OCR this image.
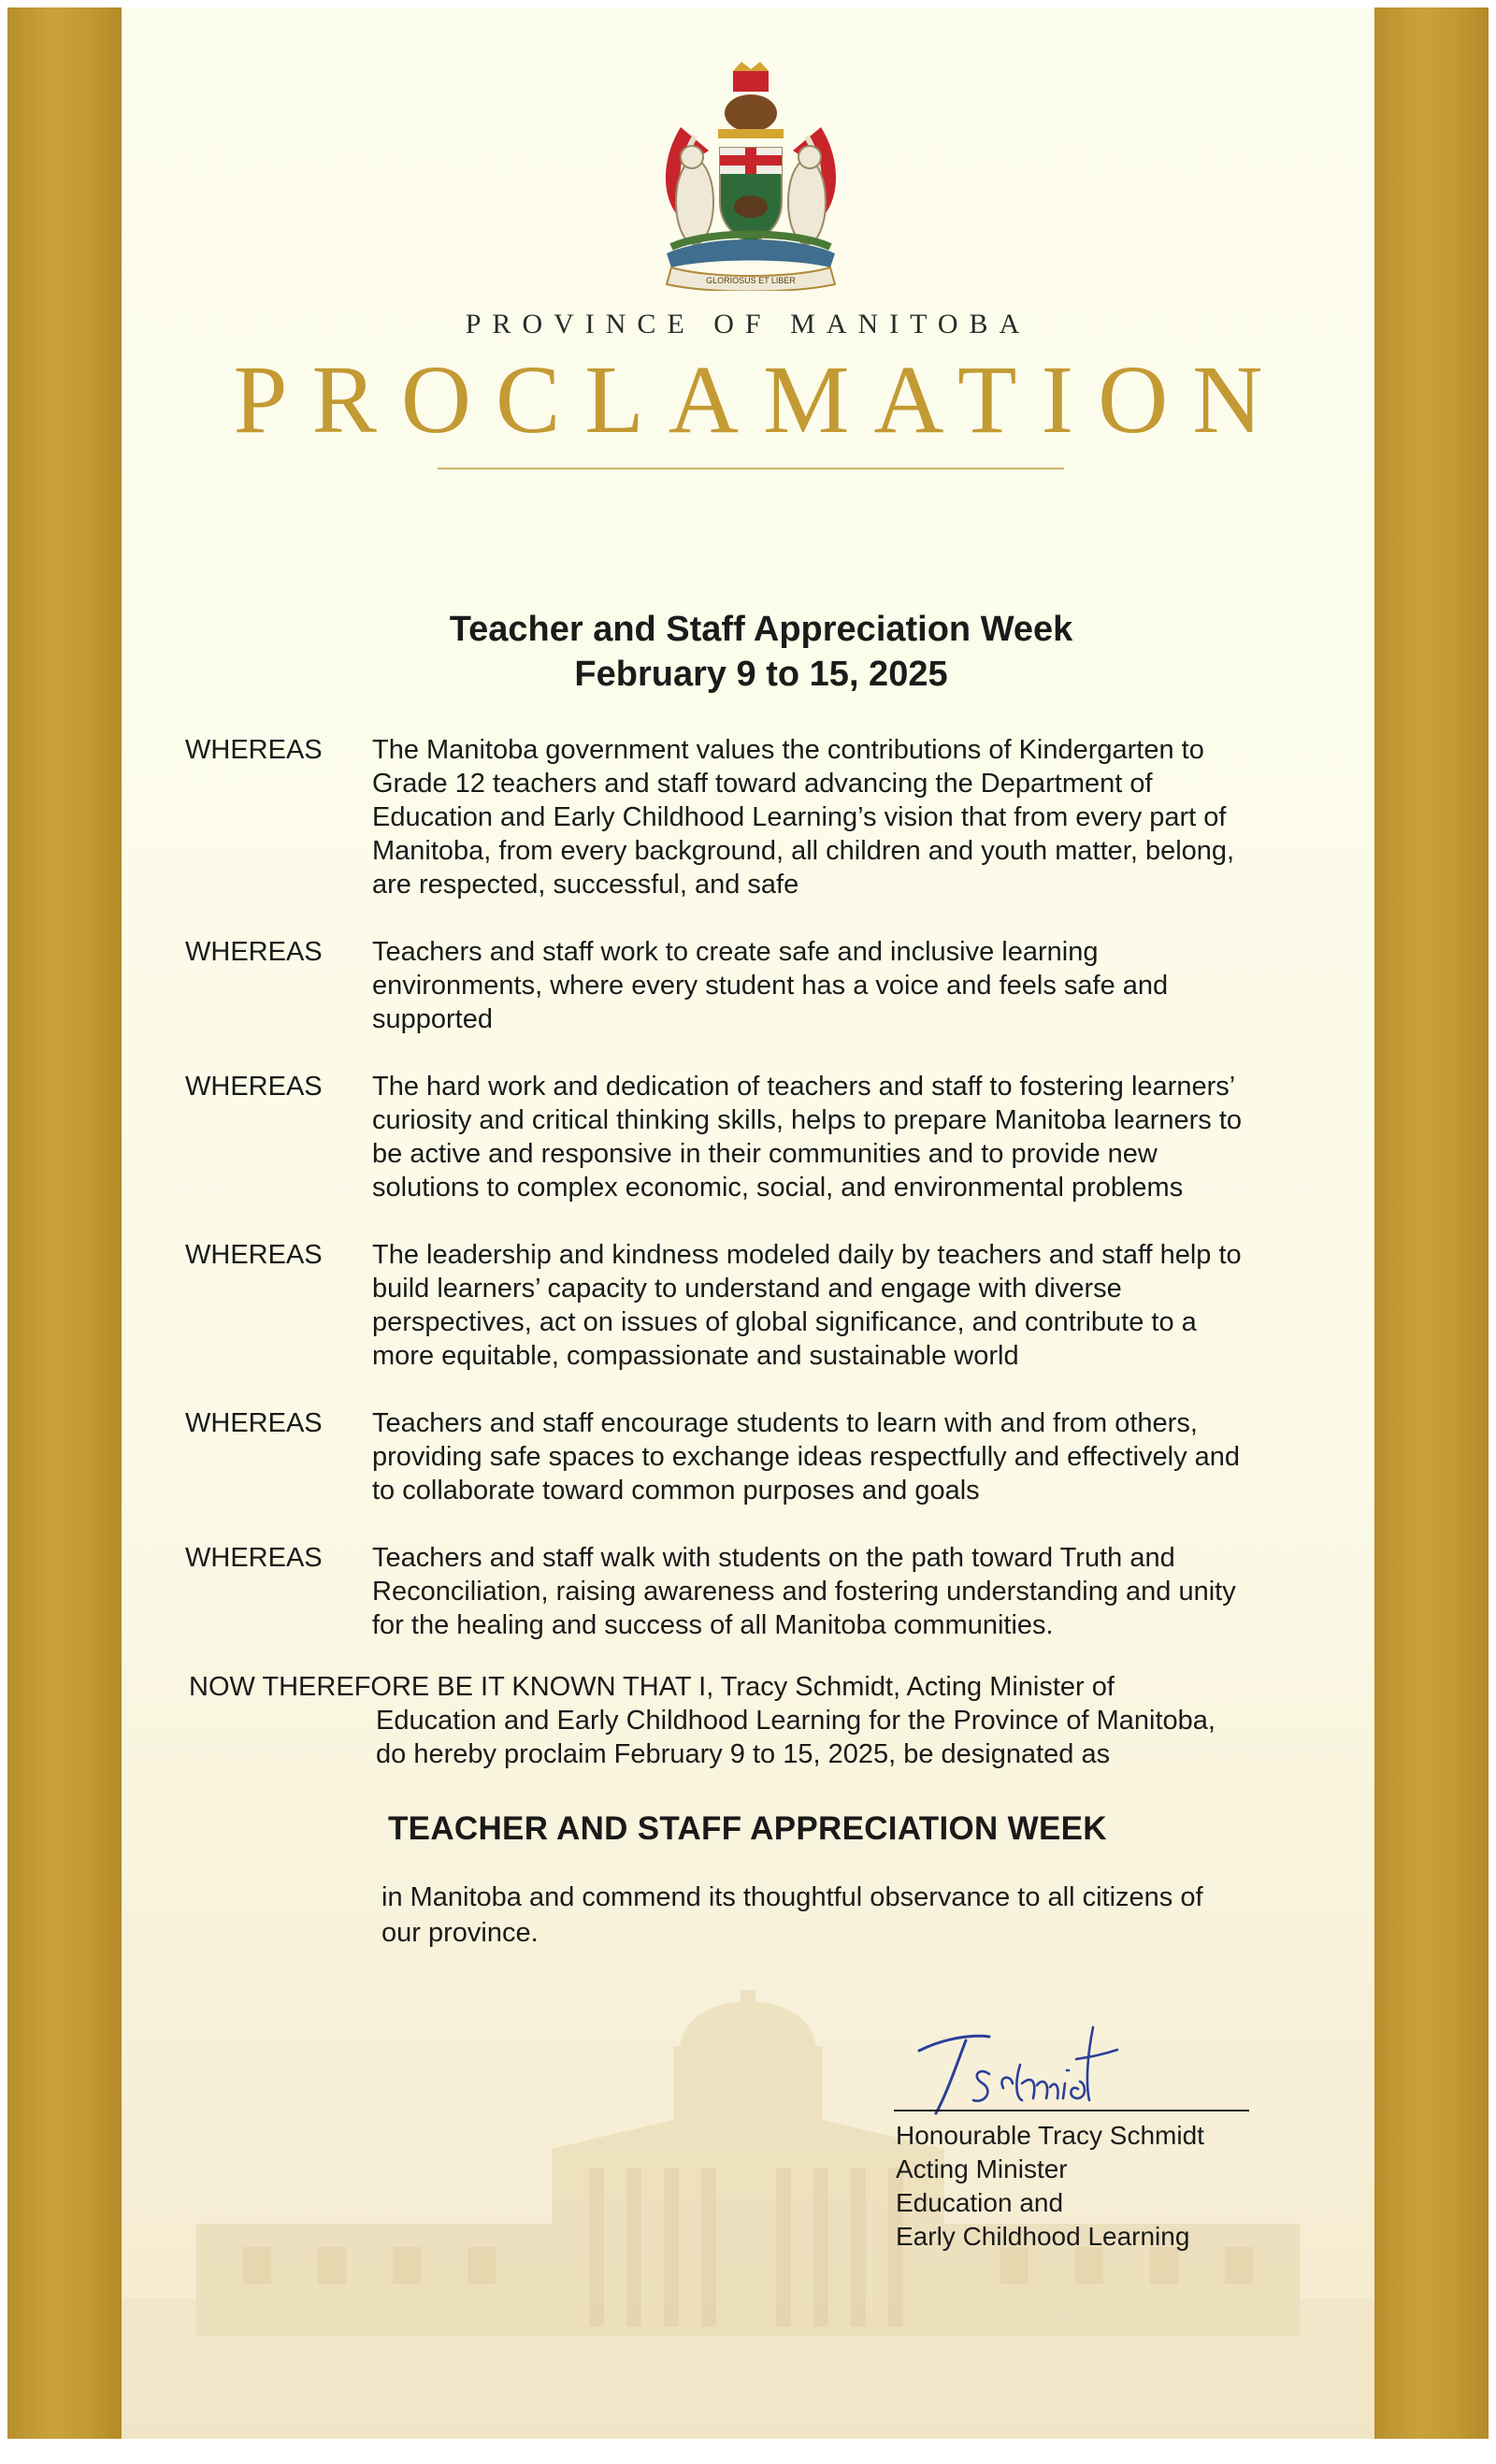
GLORIOSUS ET LIBER
PROVINCE OF MANITOBA
PROCLAMATION
Teacher and Staff Appreciation Week
February 9 to 15, 2025
WHEREAS	The Manitoba government values the contributions of Kindergarten to
Grade 12 teachers and staff toward advancing the Department of
Education and Early Childhood Learning’s vision that from every part of
Manitoba, from every background, all children and youth matter, belong,
are respected, successful, and safe
WHEREAS	Teachers and staff work to create safe and inclusive learning
environments, where every student has a voice and feels safe and
supported
WHEREAS	The hard work and dedication of teachers and staff to fostering learners’
curiosity and critical thinking skills, helps to prepare Manitoba learners to
be active and responsive in their communities and to provide new
solutions to complex economic, social, and environmental problems
WHEREAS	The leadership and kindness modeled daily by teachers and staff help to
build learners’ capacity to understand and engage with diverse
perspectives, act on issues of global significance, and contribute to a
more equitable, compassionate and sustainable world
WHEREAS	Teachers and staff encourage students to learn with and from others,
providing safe spaces to exchange ideas respectfully and effectively and
to collaborate toward common purposes and goals
WHEREAS	Teachers and staff walk with students on the path toward Truth and
Reconciliation, raising awareness and fostering understanding and unity
for the healing and success of all Manitoba communities.
NOW THEREFORE BE IT KNOWN THAT I, Tracy Schmidt, Acting Minister of
Education and Early Childhood Learning for the Province of Manitoba,
do hereby proclaim February 9 to 15, 2025, be designated as
TEACHER AND STAFF APPRECIATION WEEK
in Manitoba and commend its thoughtful observance to all citizens of
our province.
Honourable Tracy Schmidt
Acting Minister
Education and
Early Childhood Learning
